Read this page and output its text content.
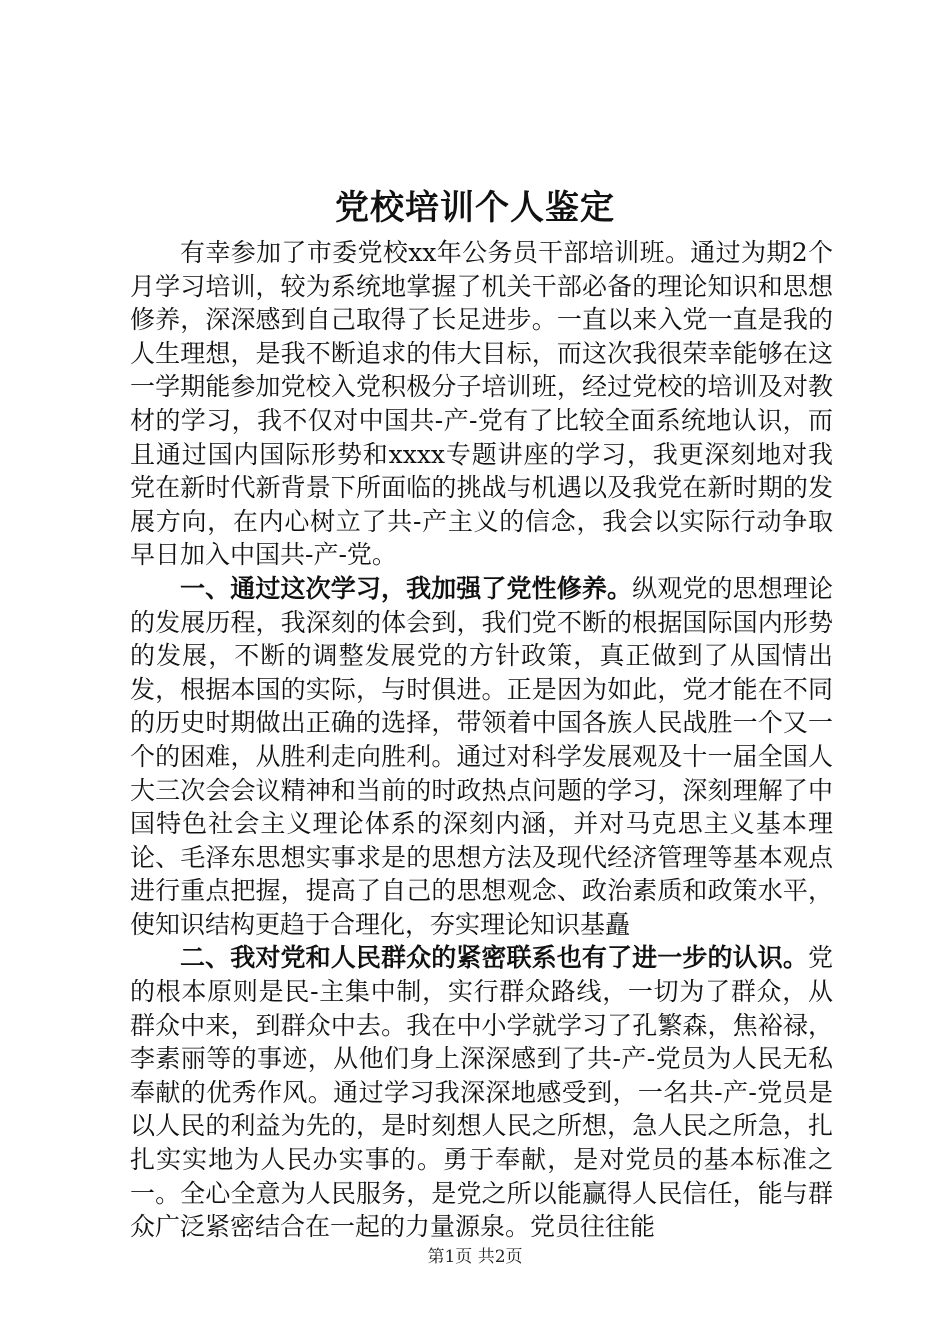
党校培训个人鉴定

有幸参加了市委党校xx年公务员干部培训班。通过为期2个月学习培训，较为系统地掌握了机关干部必备的理论知识和思想修养，深深感到自己取得了长足进步。一直以来入党一直是我的人生理想，是我不断追求的伟大目标，而这次我很荣幸能够在这一学期能参加党校入党积极分子培训班，经过党校的培训及对教材的学习，我不仅对中国共-产-党有了比较全面系统地认识，而且通过国内国际形势和xxxx专题讲座的学习，我更深刻地对我党在新时代新背景下所面临的挑战与机遇以及我党在新时期的发展方向，在内心树立了共-产主义的信念，我会以实际行动争取早日加入中国共-产-党。

一、通过这次学习，我加强了党性修养。纵观党的思想理论的发展历程，我深刻的体会到，我们党不断的根据国际国内形势的发展，不断的调整发展党的方针政策，真正做到了从国情出发，根据本国的实际，与时俱进。正是因为如此，党才能在不同的历史时期做出正确的选择，带领着中国各族人民战胜一个又一个的困难，从胜利走向胜利。通过对科学发展观及十一届全国人大三次会会议精神和当前的时政热点问题的学习，深刻理解了中国特色社会主义理论体系的深刻内涵，并对马克思主义基本理论、毛泽东思想实事求是的思想方法及现代经济管理等基本观点进行重点把握，提高了自己的思想观念、政治素质和政策水平，使知识结构更趋于合理化，夯实理论知识基矗

二、我对党和人民群众的紧密联系也有了进一步的认识。党的根本原则是民-主集中制，实行群众路线，一切为了群众，从群众中来，到群众中去。我在中小学就学习了孔繁森，焦裕禄，李素丽等的事迹，从他们身上深深感到了共-产-党员为人民无私奉献的优秀作风。通过学习我深深地感受到，一名共-产-党员是以人民的利益为先的，是时刻想人民之所想，急人民之所急，扎扎实实地为人民办实事的。勇于奉献，是对党员的基本标准之一。全心全意为人民服务，是党之所以能赢得人民信任，能与群众广泛紧密结合在一起的力量源泉。党员往往能

第1页 共2页
